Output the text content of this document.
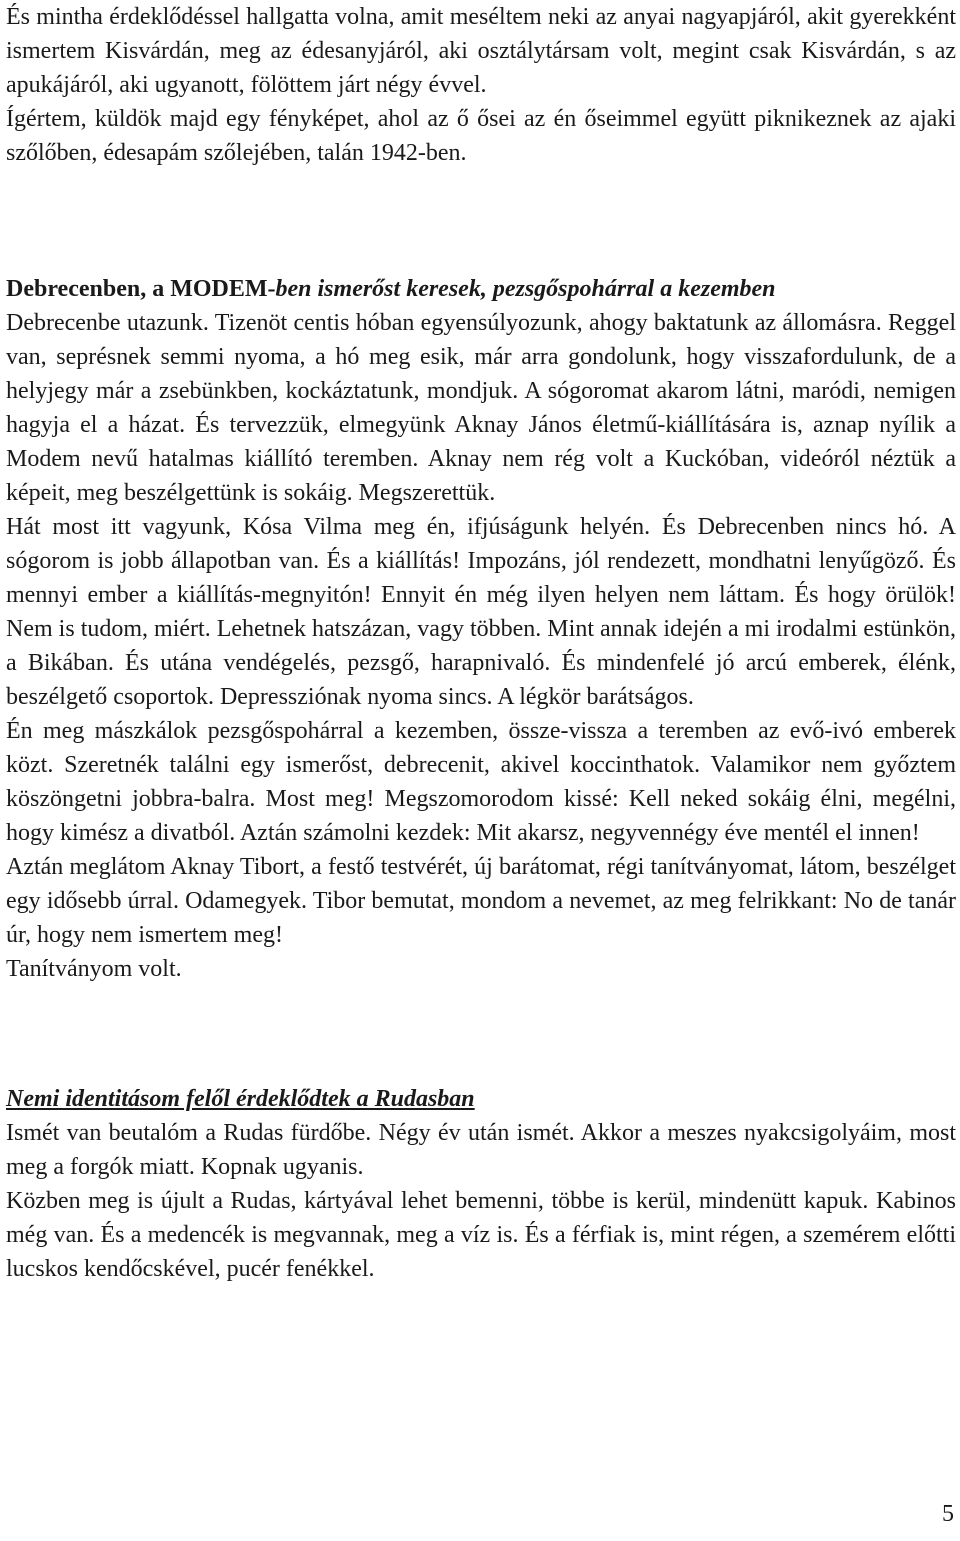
És mintha érdeklődéssel hallgatta volna, amit meséltem neki az anyai nagyapjáról, akit gyerekként ismertem Kisvárdán, meg az édesanyjáról, aki osztálytársam volt, megint csak Kisvárdán, s az apukájáról, aki ugyanott, fölöttem járt négy évvel.

Ígértem, küldök majd egy fényképet, ahol az ő ősei az én őseimmel együtt piknikeznek az ajaki szőlőben, édesapám szőlejében, talán 1942-ben.

Debrecenben, a MODEM-ben ismerőst keresek, pezsgőspohárral a kezemben

Debrecenbe utazunk. Tizenöt centis hóban egyensúlyozunk, ahogy baktatunk az állomásra. Reggel van, seprésnek semmi nyoma, a hó meg esik, már arra gondolunk, hogy visszafordulunk, de a helyjegy már a zsebünkben, kockáztatunk, mondjuk. A sógoromat akarom látni, maródi, nemigen hagyja el a házat. És tervezzük, elmegyünk Aknay János életmű-kiállítására is, aznap nyílik a Modem nevű hatalmas kiállító teremben. Aknay nem rég volt a Kuckóban, videóról néztük a képeit, meg beszélgettünk is sokáig. Megszerettük.

Hát most itt vagyunk, Kósa Vilma meg én, ifjúságunk helyén. És Debrecenben nincs hó. A sógorom is jobb állapotban van. És a kiállítás! Impozáns, jól rendezett, mondhatni lenyűgöző. És mennyi ember a kiállítás-megnyitón! Ennyit én még ilyen helyen nem láttam. És hogy örülök! Nem is tudom, miért. Lehetnek hatszázan, vagy többen. Mint annak idején a mi irodalmi estünkön, a Bikában. És utána vendégelés, pezsgő, harapnivaló. És mindenfelé jó arcú emberek, élénk, beszélgető csoportok. Depressziónak nyoma sincs. A légkör barátságos.

Én meg mászkálok pezsgőspohárral a kezemben, össze-vissza a teremben az evő-ivó emberek közt. Szeretnék találni egy ismerőst, debrecenit, akivel koccinthatok. Valamikor nem győztem köszöngetni jobbra-balra. Most meg! Megszomorodom kissé: Kell neked sokáig élni, megélni, hogy kimész a divatból. Aztán számolni kezdek: Mit akarsz, negyvennégy éve mentél el innen!

Aztán meglátom Aknay Tibort, a festő testvérét, új barátomat, régi tanítványomat, látom, beszélget egy idősebb úrral. Odamegyek. Tibor bemutat, mondom a nevemet, az meg felrikkant: No de tanár úr, hogy nem ismertem meg!

Tanítványom volt.

Nemi identitásom felől érdeklődtek a Rudasban

Ismét van beutalóm a Rudas fürdőbe. Négy év után ismét. Akkor a meszes nyakcsigolyáim, most meg a forgók miatt. Kopnak ugyanis.

Közben meg is újult a Rudas, kártyával lehet bemenni, többe is kerül, mindenütt kapuk. Kabinos még van. És a medencék is megvannak, meg a víz is. És a férfiak is, mint régen, a szemérem előtti lucskos kendőcskével, pucér fenékkel.

5
